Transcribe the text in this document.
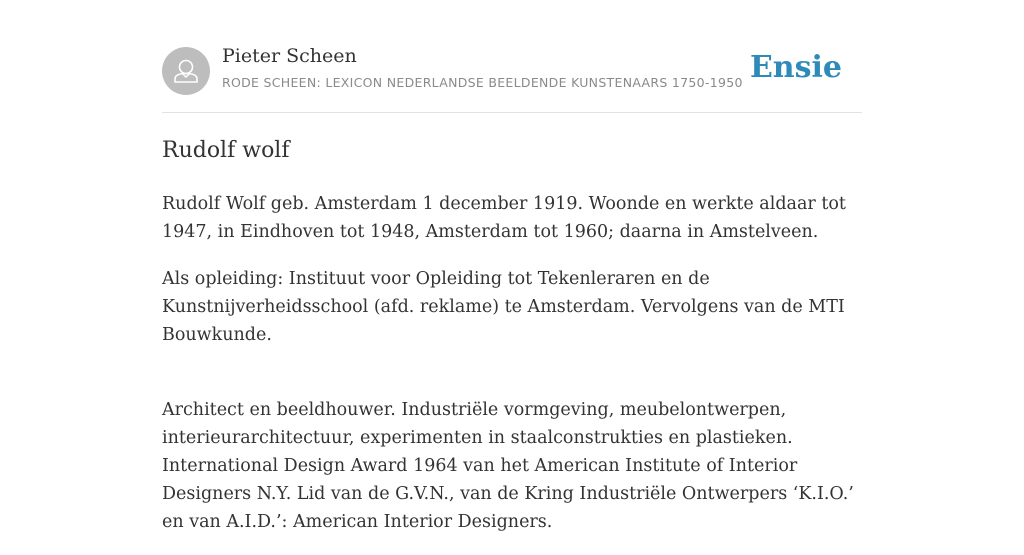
Pieter Scheen
RODE SCHEEN: LEXICON NEDERLANDSE BEELDENDE KUNSTENAARS 1750-1950 Ensie
Rudolf wolf

Rudolf Wolf geb. Amsterdam 1 december 1919. Woonde en werkte aldaar tot 1947, in Eindhoven tot 1948, Amsterdam tot 1960; daarna in Amstelveen.

Als opleiding: Instituut voor Opleiding tot Tekenleraren en de Kunstnijverheidsschool (afd. reklame) te Amsterdam. Vervolgens van de MTI Bouwkunde.

Architect en beeldhouwer. Industriële vormgeving, meubelontwerpen, interieurarchitectuur, experimenten in staalconstrukties en plastieken. International Design Award 1964 van het American Institute of Interior Designers N.Y. Lid van de G.V.N., van de Kring Industriële Ontwerpers ‘K.I.O.’ en van A.I.D.’: American Interior Designers.
